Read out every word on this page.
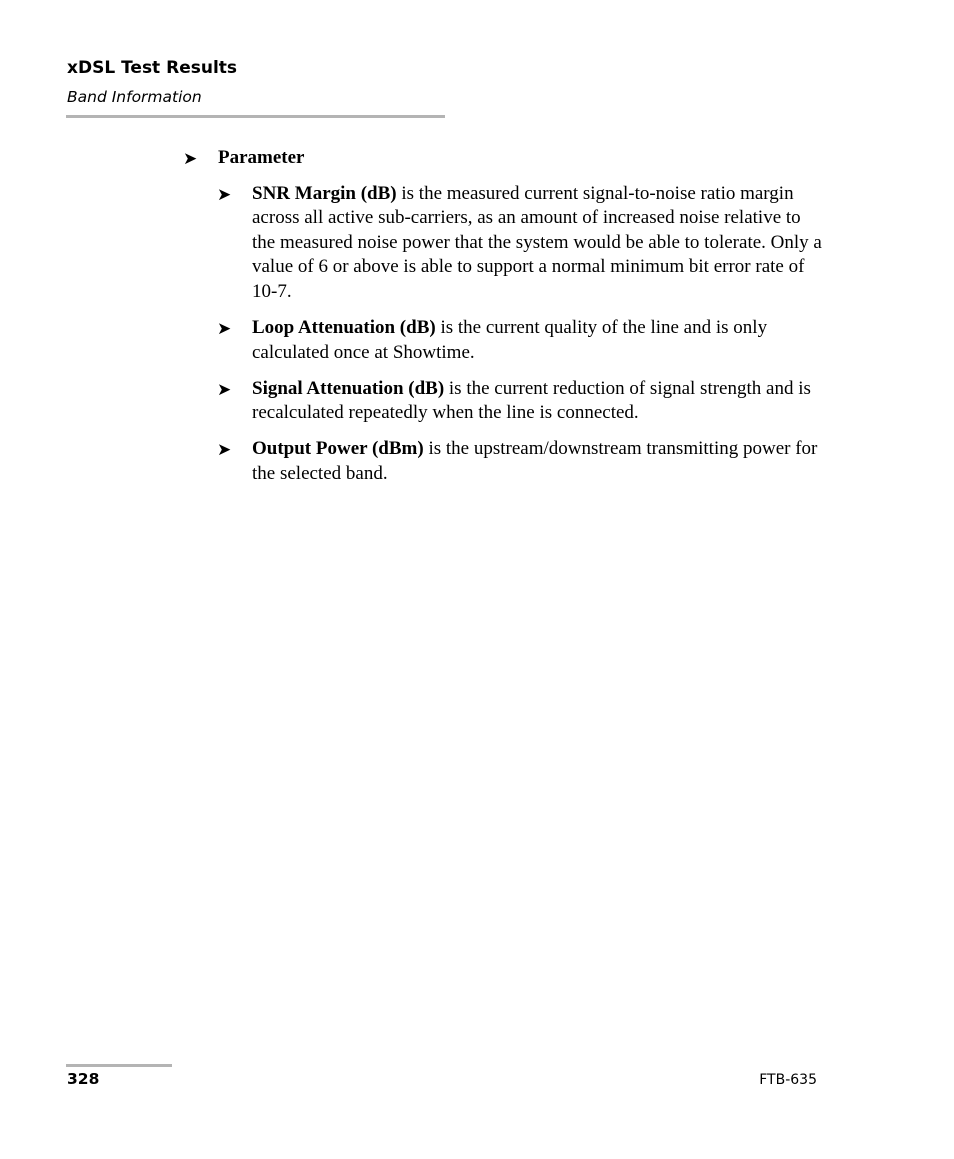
xDSL Test Results
Band Information
➤ Parameter
➤ SNR Margin (dB) is the measured current signal-to-noise ratio margin across all active sub-carriers, as an amount of increased noise relative to the measured noise power that the system would be able to tolerate. Only a value of 6 or above is able to support a normal minimum bit error rate of 10-7.
➤ Loop Attenuation (dB) is the current quality of the line and is only calculated once at Showtime.
➤ Signal Attenuation (dB) is the current reduction of signal strength and is recalculated repeatedly when the line is connected.
➤ Output Power (dBm) is the upstream/downstream transmitting power for the selected band.
328	FTB-635
